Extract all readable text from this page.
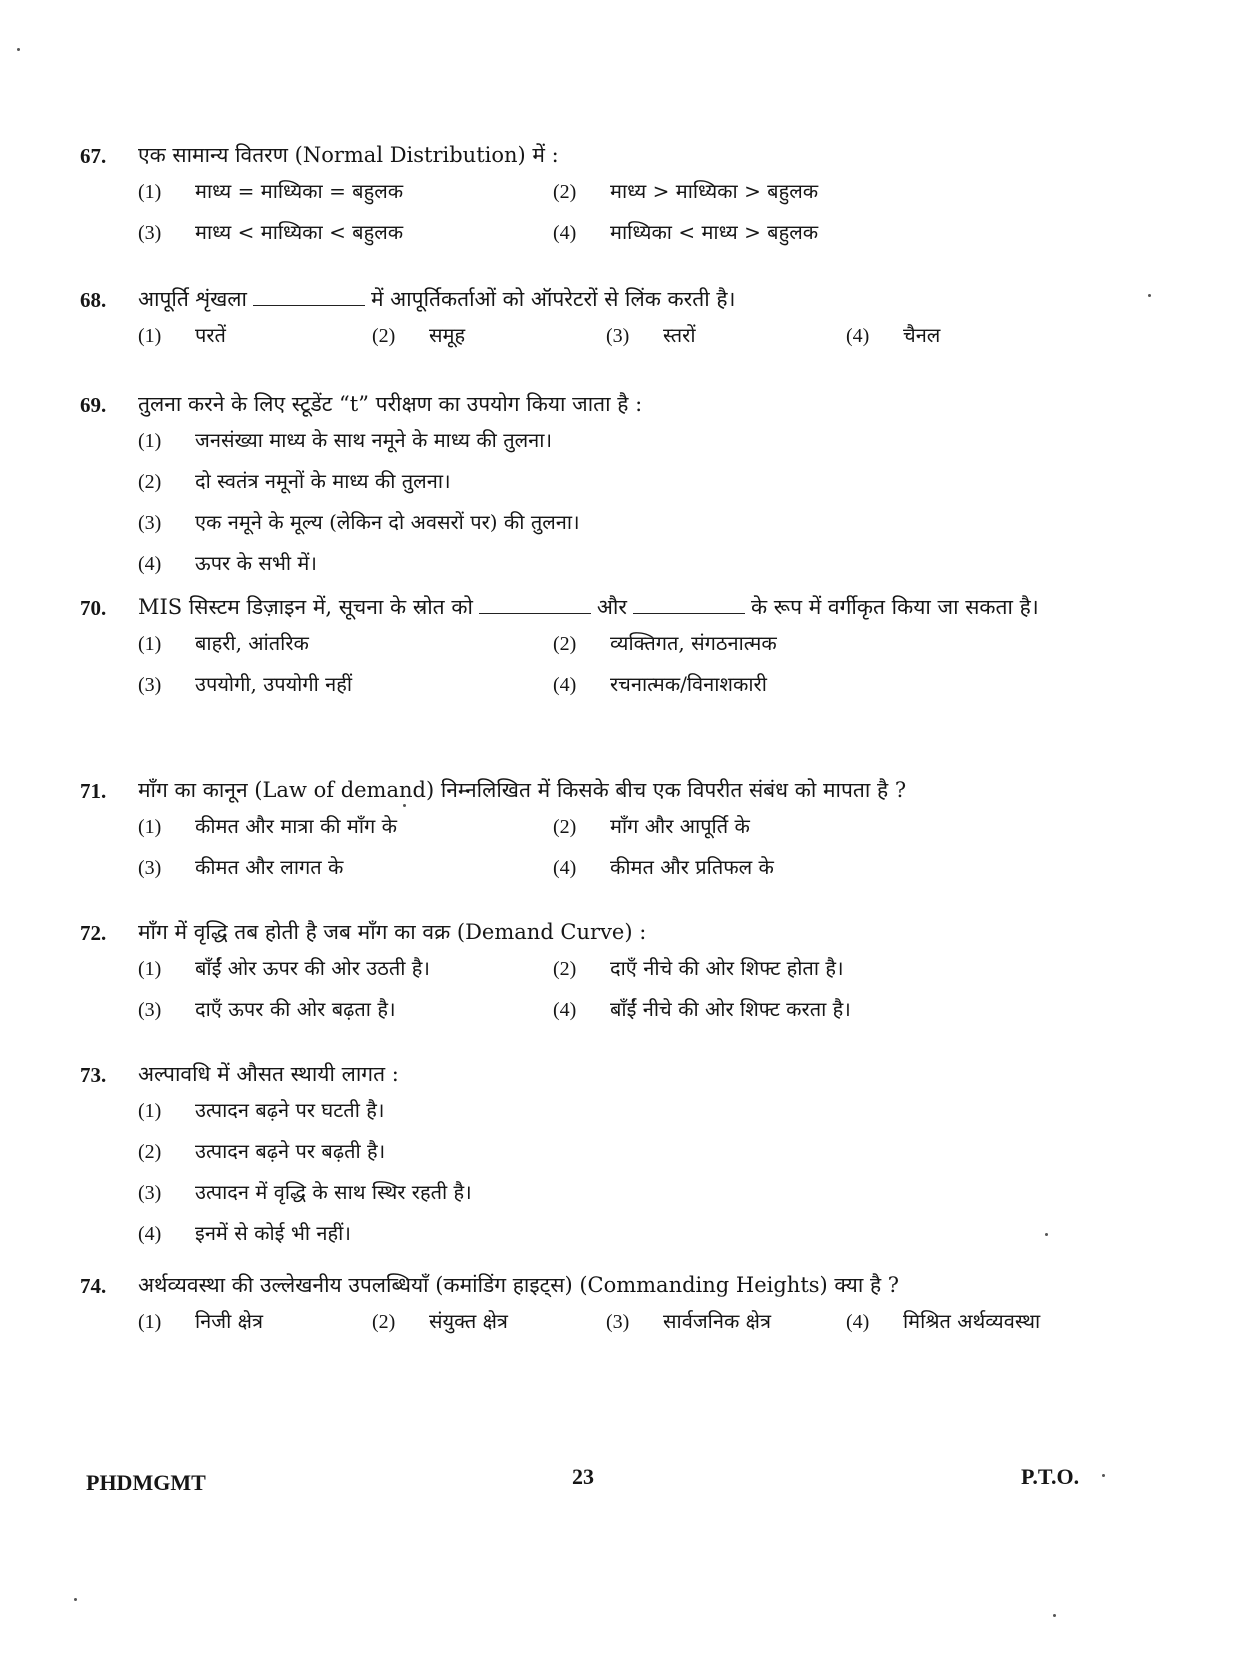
67. एक सामान्य वितरण (Normal Distribution) में :
(1) माध्य = माध्यिका = बहुलक	(2) माध्य > माध्यिका > बहुलक
(3) माध्य < माध्यिका < बहुलक	(4) माध्यिका < माध्य > बहुलक
68. आपूर्ति शृंखला	में आपूर्तिकर्ताओं को ऑपरेटरों से लिंक करती है।
(1) परतें	(2) समूह	(3) स्तरों	(4) चैनल
69. तुलना करने के लिए स्टूडेंट “t” परीक्षण का उपयोग किया जाता है :
(1) जनसंख्या माध्य के साथ नमूने के माध्य की तुलना।
(2) दो स्वतंत्र नमूनों के माध्य की तुलना।
(3) एक नमूने के मूल्य (लेकिन दो अवसरों पर) की तुलना।
(4) ऊपर के सभी में।
70. MIS सिस्टम डिज़ाइन में, सूचना के स्रोत को	और	के रूप में वर्गीकृत किया जा सकता है।
(1) बाहरी, आंतरिक	(2) व्यक्तिगत, संगठनात्मक
(3) उपयोगी, उपयोगी नहीं	(4) रचनात्मक/विनाशकारी
71. माँग का कानून (Law of demand) निम्नलिखित में किसके बीच एक विपरीत संबंध को मापता है ?
(1) कीमत और मात्रा की माँग के	(2) माँग और आपूर्ति के
(3) कीमत और लागत के	(4) कीमत और प्रतिफल के
72. माँग में वृद्धि तब होती है जब माँग का वक्र (Demand Curve) :
(1) बाँईं ओर ऊपर की ओर उठती है।	(2) दाएँ नीचे की ओर शिफ्ट होता है।
(3) दाएँ ऊपर की ओर बढ़ता है।	(4) बाँईं नीचे की ओर शिफ्ट करता है।
73. अल्पावधि में औसत स्थायी लागत :
(1) उत्पादन बढ़ने पर घटती है।
(2) उत्पादन बढ़ने पर बढ़ती है।
(3) उत्पादन में वृद्धि के साथ स्थिर रहती है।
(4) इनमें से कोई भी नहीं।
74. अर्थव्यवस्था की उल्लेखनीय उपलब्धियाँ (कमांडिंग हाइट्स) (Commanding Heights) क्या है ?
(1) निजी क्षेत्र	(2) संयुक्त क्षेत्र	(3) सार्वजनिक क्षेत्र	(4) मिश्रित अर्थव्यवस्था
PHDMGMT	23	P.T.O.
